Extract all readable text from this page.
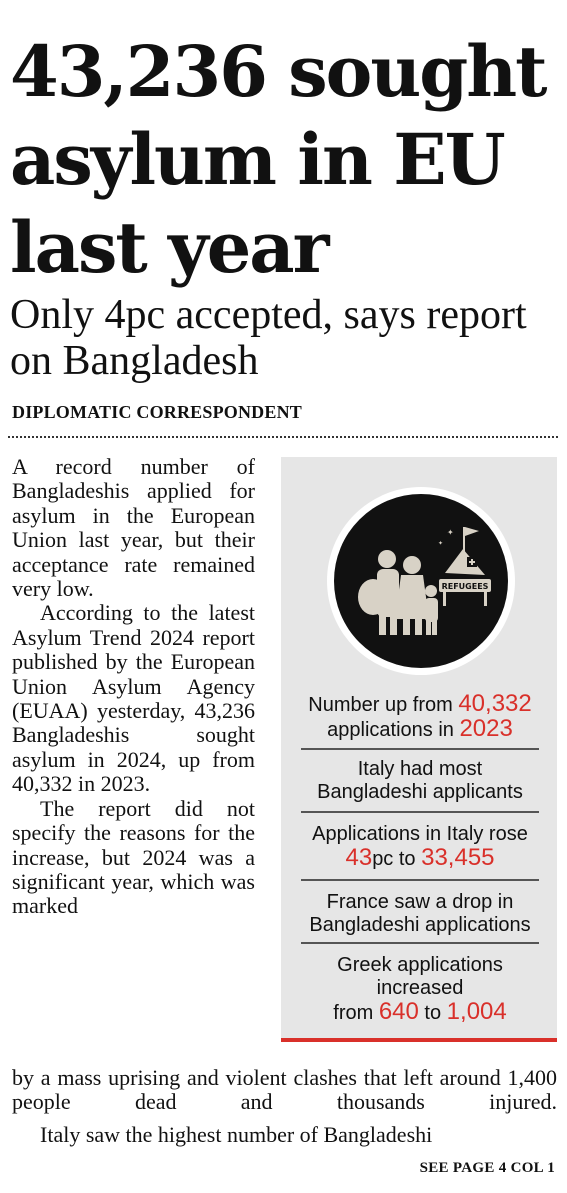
43,236 sought asylum in EU last year
Only 4pc accepted, says report on Bangladesh
DIPLOMATIC CORRESPONDENT

A record number of Bangladeshis applied for asylum in the European Union last year, but their acceptance rate remained very low.

According to the latest Asylum Trend 2024 report published by the European Union Asylum Agency (EUAA) yesterday, 43,236 Bangladeshis sought asylum in 2024, up from 40,332 in 2023.

The report did not specify the reasons for the increase, but 2024 was a significant year, which was marked

by a mass uprising and violent clashes that left around 1,400 people dead and thousands injured.
Italy saw the highest number of Bangladeshi
SEE PAGE 4 COL 1
✦
✦
REFUGEES
Number up from 40,332
applications in 2023
Italy had most Bangladeshi applicants
Applications in Italy rose
43pc to 33,455
France saw a drop in Bangladeshi applications
Greek applications increased
from 640 to 1,004
